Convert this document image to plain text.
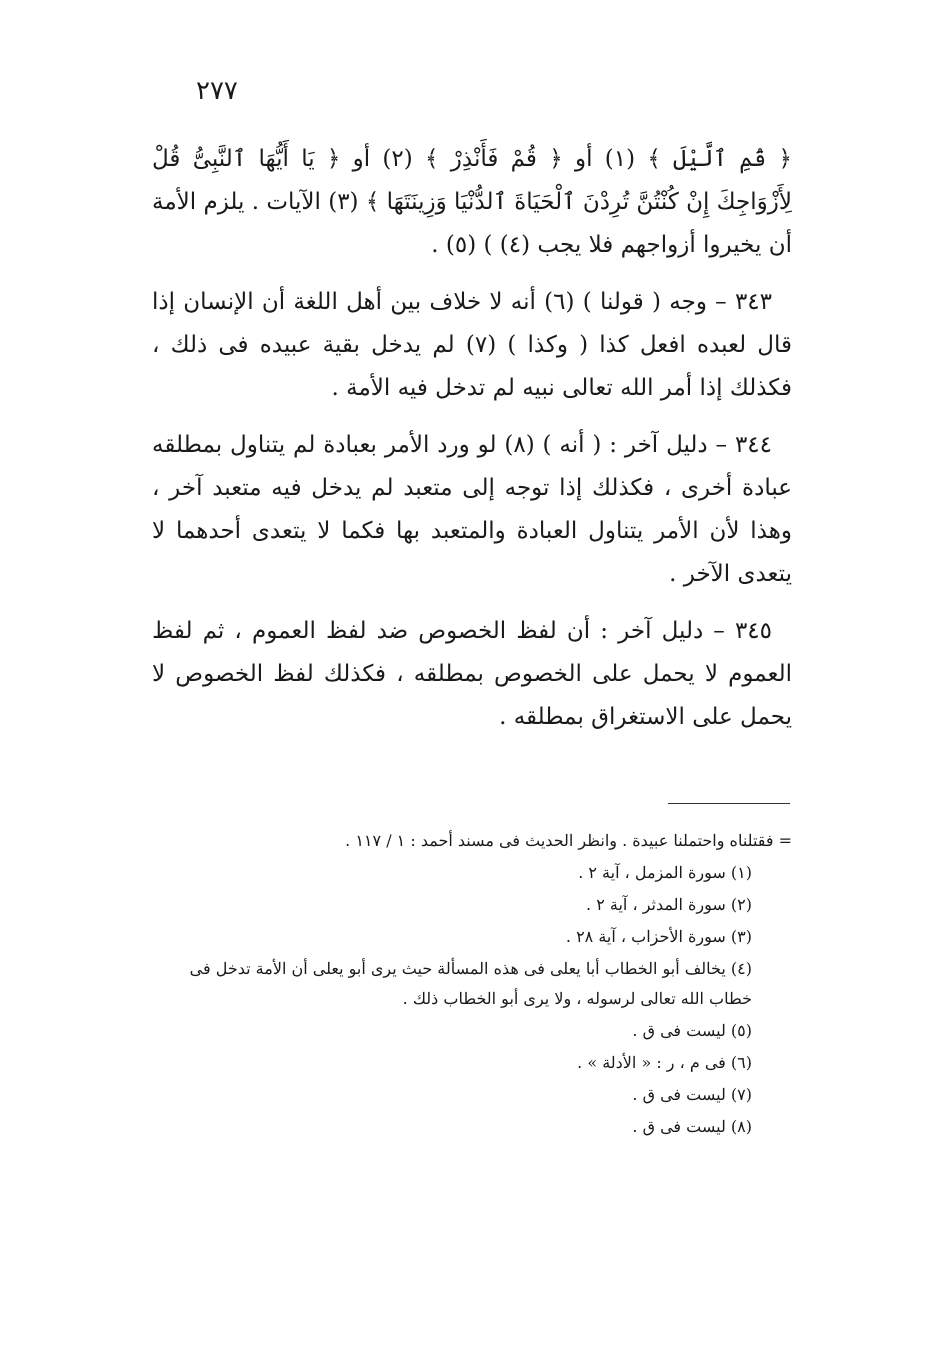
٢٧٧

﴿ قُمِ ٱلَّيْلَ ﴾ (١) أو ﴿ قُمْ فَأَنْذِرْ ﴾ (٢) أو ﴿ يَا أَيُّهَا ٱلنَّبِىُّ قُلْ لِأَزْوَاجِكَ إِنْ كُنْتُنَّ تُرِدْنَ ٱلْحَيَاةَ ٱلدُّنْيَا وَزِينَتَهَا ﴾ (٣) الآيات . يلزم الأمة أن يخيروا أزواجهم فلا يجب (٤) ) (٥) .

٣٤٣ – وجه ( قولنا ) (٦) أنه لا خلاف بين أهل اللغة أن الإنسان إذا قال لعبده افعل كذا ( وكذا ) (٧) لم يدخل بقية عبيده فى ذلك ، فكذلك إذا أمر الله تعالى نبيه لم تدخل فيه الأمة .

٣٤٤ – دليل آخر : ( أنه ) (٨) لو ورد الأمر بعبادة لم يتناول بمطلقه عبادة أخرى ، فكذلك إذا توجه إلى متعبد لم يدخل فيه متعبد آخر ، وهذا لأن الأمر يتناول العبادة والمتعبد بها فكما لا يتعدى أحدهما لا يتعدى الآخر .

٣٤٥ – دليل آخر : أن لفظ الخصوص ضد لفظ العموم ، ثم لفظ العموم لا يحمل على الخصوص بمطلقه ، فكذلك لفظ الخصوص لا يحمل على الاستغراق بمطلقه .

= فقتلناه واحتملنا عبيدة . وانظر الحديث فى مسند أحمد : ١ / ١١٧ .
(١) سورة المزمل ، آية ٢ .
(٢) سورة المدثر ، آية ٢ .
(٣) سورة الأحزاب ، آية ٢٨ .
(٤) يخالف أبو الخطاب أبا يعلى فى هذه المسألة حيث يرى أبو يعلى أن الأمة تدخل فى خطاب الله تعالى لرسوله ، ولا يرى أبو الخطاب ذلك .
(٥) ليست فى ق .
(٦) فى م ، ر : « الأدلة » .
(٧) ليست فى ق .
(٨) ليست فى ق .
